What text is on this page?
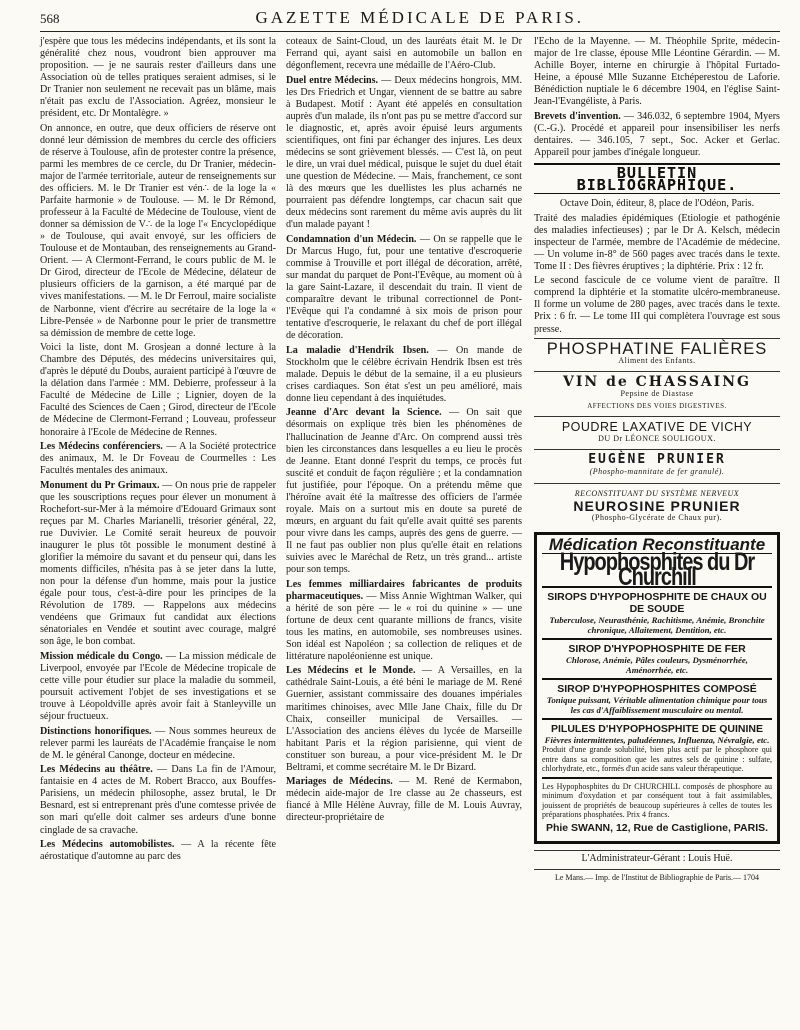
568	GAZETTE MÉDICALE DE PARIS.

j'espère que tous les médecins indépendants, et ils sont la généralité chez nous, voudront bien approuver ma proposition. — je ne saurais rester d'ailleurs dans une Association où de telles pratiques seraient admises, si le Dr Tranier non seulement ne recevait pas un blâme, mais n'était pas exclu de l'Association. Agréez, monsieur le président, etc. Dr Montalègre. »

On annonce, en outre, que deux officiers de réserve ont donné leur démission de membres du cercle des officiers de réserve à Toulouse, afin de protester contre la présence, parmi les membres de ce cercle, du Dr Tranier, médecin-major de l'armée territoriale, auteur de renseignements sur des officiers. M. le Dr Tranier est vén∴ de la loge la « Parfaite harmonie » de Toulouse. — M. le Dr Rémond, professeur à la Faculté de Médecine de Toulouse, vient de donner sa démission de V∴ de la loge l'« Encyclopédique » de Toulouse, qui avait envoyé, sur les officiers de Toulouse et de Montauban, des renseignements au Grand-Orient. — A Clermont-Ferrand, le cours public de M. le Dr Girod, directeur de l'Ecole de Médecine, délateur de plusieurs officiers de la garnison, a été marqué par de vives manifestations. — M. le Dr Ferroul, maire socialiste de Narbonne, vient d'écrire au secrétaire de la loge la « Libre-Pensée » de Narbonne pour le prier de transmettre sa démission de membre de cette loge.

Voici la liste, dont M. Grosjean a donné lecture à la Chambre des Députés, des médecins universitaires qui, d'après le député du Doubs, auraient participé à l'œuvre de la délation dans l'armée : MM. Debierre, professeur à la Faculté de Médecine de Lille ; Lignier, doyen de la Faculté des Sciences de Caen ; Girod, directeur de l'Ecole de Médecine de Clermont-Ferrand ; Louveau, professeur honoraire à l'Ecole de Médecine de Rennes.

Les Médecins conférenciers. — A la Société protectrice des animaux, M. le Dr Foveau de Courmelles : Les Facultés mentales des animaux.

Monument du Pr Grimaux. — On nous prie de rappeler que les souscriptions reçues pour élever un monument à Rochefort-sur-Mer à la mémoire d'Edouard Grimaux sont reçues par M. Charles Marianelli, trésorier général, 22, rue Duvivier. Le Comité serait heureux de pouvoir inaugurer le plus tôt possible le monument destiné à glorifier la mémoire du savant et du penseur qui, dans les moments difficiles, n'hésita pas à se jeter dans la lutte, non pour la défense d'un homme, mais pour la justice égale pour tous, c'est-à-dire pour les principes de la Révolution de 1789. — Rappelons aux médecins vendéens que Grimaux fut candidat aux élections sénatoriales en Vendée et soutint avec courage, malgré son âge, le bon combat.

Mission médicale du Congo. — La mission médicale de Liverpool, envoyée par l'Ecole de Médecine tropicale de cette ville pour étudier sur place la maladie du sommeil, poursuit activement l'objet de ses investigations et se trouve à Léopoldville après avoir fait à Stanleyville un séjour fructueux.

Distinctions honorifiques. — Nous sommes heureux de relever parmi les lauréats de l'Académie française le nom de M. le général Canonge, docteur en médecine.

Les Médecins au théâtre. — Dans La fin de l'Amour, fantaisie en 4 actes de M. Robert Bracco, aux Bouffes-Parisiens, un médecin philosophe, assez brutal, le Dr Besnard, est si entreprenant près d'une comtesse privée de son mari qu'elle doit calmer ses ardeurs d'une bonne cinglade de sa cravache.

Les Médecins automobilistes. — A la récente fête aérostatique d'automne au parc des

coteaux de Saint-Cloud, un des lauréats était M. le Dr Ferrand qui, ayant saisi en automobile un ballon en dégonflement, recevra une médaille de l'Aéro-Club.

Duel entre Médecins. — Deux médecins hongrois, MM. les Drs Friedrich et Ungar, viennent de se battre au sabre à Budapest. Motif : Ayant été appelés en consultation auprès d'un malade, ils n'ont pas pu se mettre d'accord sur le diagnostic, et, après avoir épuisé leurs arguments scientifiques, ont fini par échanger des injures. Les deux médecins se sont grièvement blessés. — C'est là, on peut le dire, un vrai duel médical, puisque le sujet du duel était une question de Médecine. — Mais, franchement, ce sont là des mœurs que les duellistes les plus acharnés ne pourraient pas défendre longtemps, car chacun sait que deux médecins sont rarement du même avis auprès du lit d'un malade payant !

Condamnation d'un Médecin. — On se rappelle que le Dr Marcus Hugo, fut, pour une tentative d'escroquerie commise à Trouville et port illégal de décoration, arrêté, sur mandat du parquet de Pont-l'Evêque, au moment où à la gare Saint-Lazare, il descendait du train. Il vient de comparaître devant le tribunal correctionnel de Pont-l'Evêque qui l'a condamné à six mois de prison pour tentative d'escroquerie, le relaxant du chef de port illégal de décoration.

La maladie d'Hendrik Ibsen. — On mande de Stockholm que le célèbre écrivain Hendrik Ibsen est très malade. Depuis le début de la semaine, il a eu plusieurs crises cardiaques. Son état s'est un peu amélioré, mais donne lieu cependant à des inquiétudes.

Jeanne d'Arc devant la Science. — On sait que désormais on explique très bien les phénomènes de l'hallucination de Jeanne d'Arc. On comprend aussi très bien les circonstances dans lesquelles a eu lieu le procès de Jeanne. Etant donné l'esprit du temps, ce procès fut suscité et conduit de façon régulière ; et la condamnation fut justifiée, pour l'époque. On a prétendu même que l'héroïne avait été la maîtresse des officiers de l'armée royale. Mais on a surtout mis en doute sa pureté de mœurs, en arguant du fait qu'elle avait quitté ses parents pour vivre dans les camps, auprès des gens de guerre. — Il ne faut pas oublier non plus qu'elle était en relations suivies avec le Maréchal de Retz, un très grand... artiste pour son temps.

Les femmes milliardaires fabricantes de produits pharmaceutiques. — Miss Annie Wightman Walker, qui a hérité de son père — le « roi du quinine » — une fortune de deux cent quarante millions de francs, visite tous les matins, en automobile, ses nombreuses usines. Son idéal est Napoléon ; sa collection de reliques et de littérature napoléonienne est unique.

Les Médecins et le Monde. — A Versailles, en la cathédrale Saint-Louis, a été béni le mariage de M. René Guernier, assistant commissaire des douanes impériales maritimes chinoises, avec Mlle Jane Chaix, fille du Dr Chaix, conseiller municipal de Versailles. — L'Association des anciens élèves du lycée de Marseille habitant Paris et la région parisienne, qui vient de constituer son bureau, a pour vice-président M. le Dr Beltrami, et comme secrétaire M. le Dr Bizard.

Mariages de Médecins. — M. René de Kermabon, médecin aide-major de 1re classe au 2e chasseurs, est fiancé à Mlle Hélène Auvray, fille de M. Louis Auvray, directeur-propriétaire de

l'Echo de la Mayenne. — M. Théophile Sprite, médecin-major de 1re classe, épouse Mlle Léontine Gérardin. — M. Achille Boyer, interne en chirurgie à l'hôpital Furtado-Heine, a épousé Mlle Suzanne Etchéperestou de Laforie. Bénédiction nuptiale le 6 décembre 1904, en l'église Saint-Jean-l'Evangéliste, à Paris.

Brevets d'invention. — 346.032, 6 septembre 1904, Myers (C.-G.). Procédé et appareil pour insensibiliser les nerfs dentaires. — 346.105, 7 sept., Soc. Acker et Gerlac. Appareil pour jambes d'inégale longueur.

BULLETIN BIBLIOGRAPHIQUE.

Octave Doin, éditeur, 8, place de l'Odéon, Paris.

Traité des maladies épidémiques (Etiologie et pathogénie des maladies infectieuses) ; par le Dr A. Kelsch, médecin inspecteur de l'armée, membre de l'Académie de médecine. — Un volume in-8° de 560 pages avec tracés dans le texte. Tome II : Des fièvres éruptives ; la diphtérie. Prix : 12 fr.

Le second fascicule de ce volume vient de paraître. Il comprend la diphtérie et la stomatite ulcéro-membraneuse. Il forme un volume de 280 pages, avec tracés dans le texte. Prix : 6 fr. — Le tome III qui complètera l'ouvrage est sous presse.

PHOSPHATINE FALIÈRES
Aliment des Enfants.
VIN de CHASSAING
Pepsine de Diastase
AFFECTIONS DES VOIES DIGESTIVES.
POUDRE LAXATIVE DE VICHY
DU Dr LÉONCE SOULIGOUX.
EUGÈNE PRUNIER
(Phospho-mannitate de fer granulé).
RECONSTITUANT DU SYSTÈME NERVEUX
NEUROSINE PRUNIER
(Phospho-Glycérate de Chaux pur).
Médication Reconstituante
Hypophosphites du Dr Churchill
SIROPS D'HYPOPHOSPHITE DE CHAUX OU DE SOUDE
Tuberculose, Neurasthénie, Rachitisme, Anémie, Bronchite chronique, Allaitement, Dentition, etc.
SIROP D'HYPOPHOSPHITE DE FER
Chlorose, Anémie, Pâles couleurs, Dysménorrhée, Aménorrhée, etc.
SIROP D'HYPOPHOSPHITES COMPOSÉ
Tonique puissant, Véritable alimentation chimique pour tous les cas d'Affaiblissement musculaire ou mental.
PILULES D'HYPOPHOSPHITE DE QUININE
Fièvres intermittentes, paludéennes, Influenza, Névralgie, etc.
Produit d'une grande solubilité, bien plus actif par le phosphore qui entre dans sa composition que les autres sels de quinine : sulfate, chlorhydrate, etc., formés d'un acide sans valeur thérapeutique.
Les Hypophosphites du Dr CHURCHILL composés de phosphore au minimum d'oxydation et par conséquent tout à fait assimilables, jouissent de propriétés de beaucoup supérieures à celles de toutes les préparations phosphatées. Prix 4 francs.
Phie SWANN, 12, Rue de Castiglione, PARIS.
L'Administrateur-Gérant : Louis Huë.
Le Mans.— Imp. de l'Institut de Bibliographie de Paris.— 1704
